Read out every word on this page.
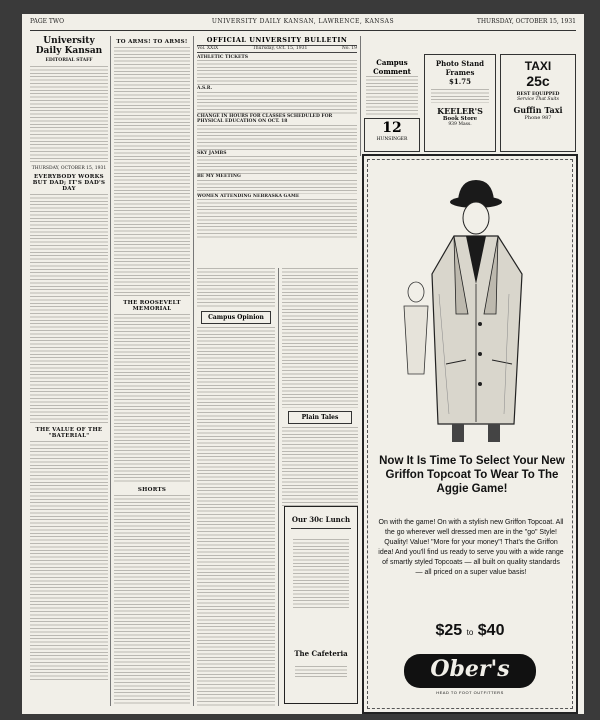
PAGE TWO	UNIVERSITY DAILY KANSAN, LAWRENCE, KANSAS	THURSDAY, OCTOBER 15, 1931
University Daily Kansan
EDITORIAL STAFF
THURSDAY, OCTOBER 15, 1931
EVERYBODY WORKS BUT DAD; IT'S DAD'S DAY
THE VALUE OF THE "BATERIAL"
TO ARMS! TO ARMS!
THE ROOSEVELT MEMORIAL
SHORTS
OFFICIAL UNIVERSITY BULLETIN
Vol. XXIX	Thursday, Oct. 15, 1931	No. 19
ATHLETIC TICKETS
A.S.R.
CHANGE IN HOURS FOR CLASSES SCHEDULED FOR PHYSICAL EDUCATION ON OCT. 18
SKY JAMBS
BE MY MEETING
WOMEN ATTENDING NEBRASKA GAME
Campus Comment
12
HUNSINGER
Photo Stand Frames
$1.75
KEELER'S
Book Store
939 Mass.
TAXI
25c
BEST EQUIPPED
Service That Suits
Guffin Taxi
Phone 987
Campus Opinion
Plain Tales
Our 30c Lunch
The Cafeteria
Now It Is Time To Select Your New Griffon Topcoat To Wear To The Aggie Game!
On with the game! On with a stylish new Griffon Topcoat. All the go wherever well dressed men are in the "go" Style! Quality! Value! "More for your money"! That's the Griffon idea! And you'll find us ready to serve you with a wide range of smartly styled Topcoats — all built on quality standards — all priced on a super value basis!
$25 to $40
Ober's
HEAD TO FOOT OUTFITTERS
